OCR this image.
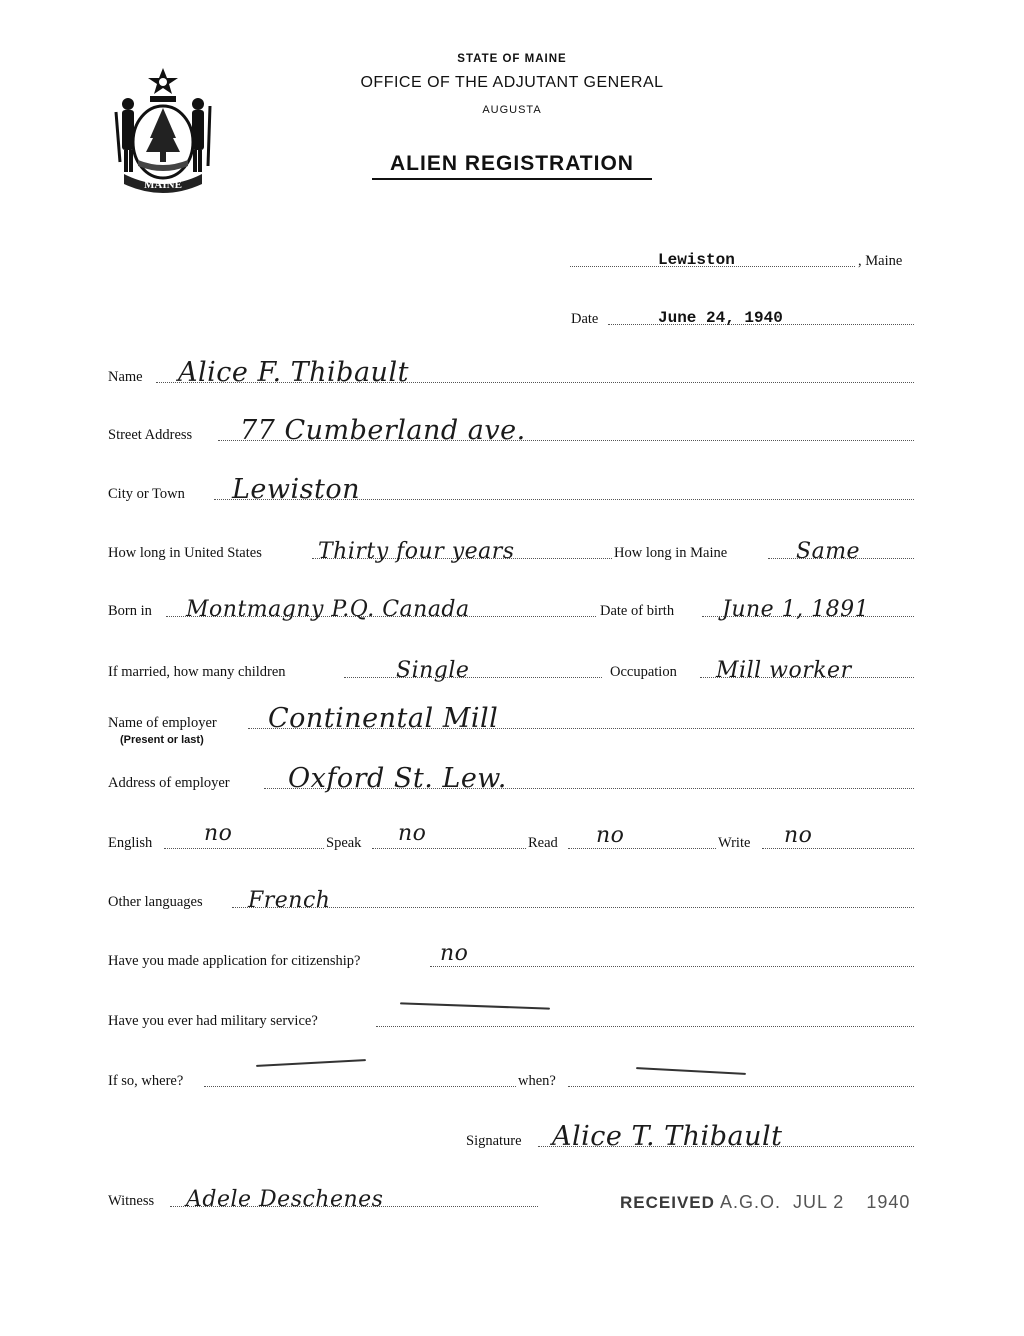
MAINE
STATE OF MAINE
OFFICE OF THE ADJUTANT GENERAL
AUGUSTA
ALIEN REGISTRATION
Lewiston	, Maine
Date	June 24, 1940
Name Alice F. Thibault
Street Address 77 Cumberland ave.
City or Town Lewiston
How long in United States	Thirty four years	How long in Maine	Same
Born in Montmagny P.Q. Canada	Date of birth June 1, 1891
If married, how many children	Single	Occupation Mill worker
Name of employer Continental Mill
(Present or last)
Address of employer Oxford St. Lew.
English no	Speak no	Read no	Write no
Other languages French
Have you made application for citizenship?	no
Have you ever had military service?
If so, where?	when?
Signature Alice T. Thibault
Witness Adele Deschenes	RECEIVED A.G.O. JUL 2 1940
